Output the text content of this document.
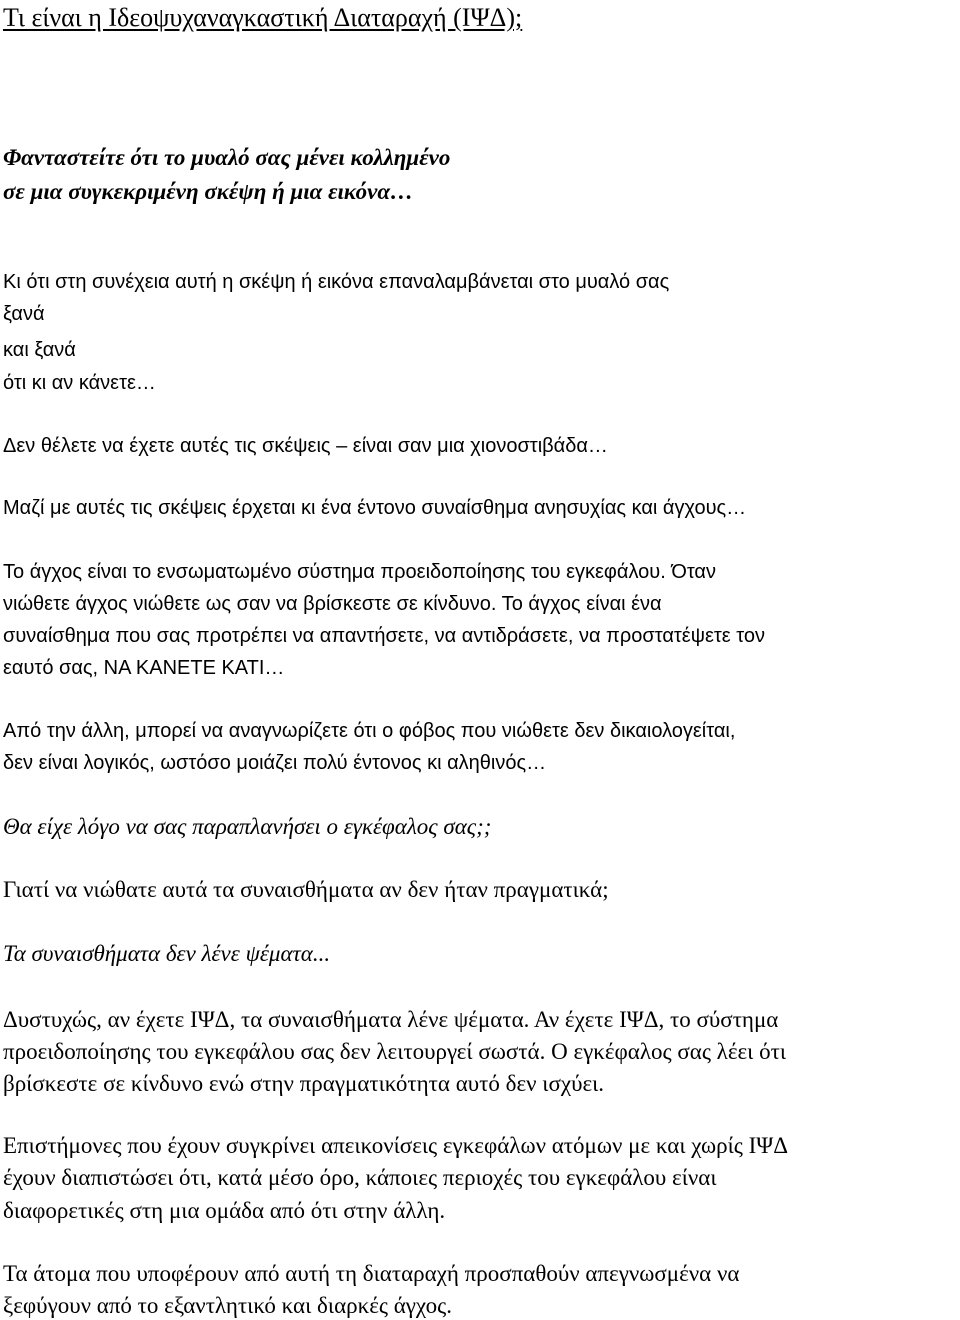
Τι είναι η Ιδεοψυχαναγκαστική Διαταραχή (ΙΨΔ);

Φανταστείτε ότι το μυαλό σας μένει κολλημένο

σε μια συγκεκριμένη σκέψη ή μια εικόνα…

Κι ότι στη συνέχεια αυτή η σκέψη ή εικόνα επαναλαμβάνεται στο μυαλό σας

ξανά

και ξανά

ότι κι αν κάνετε…

Δεν θέλετε να έχετε αυτές τις σκέψεις – είναι σαν μια χιονοστιβάδα…

Μαζί με αυτές τις σκέψεις έρχεται κι ένα έντονο συναίσθημα ανησυχίας και άγχους…

Το άγχος είναι το ενσωματωμένο σύστημα προειδοποίησης του εγκεφάλου. Όταν

νιώθετε άγχος νιώθετε ως σαν να βρίσκεστε σε κίνδυνο. Το άγχος είναι ένα

συναίσθημα που σας προτρέπει να απαντήσετε, να αντιδράσετε, να προστατέψετε τον

εαυτό σας, ΝΑ ΚΑΝΕΤΕ ΚΑΤΙ…

Από την άλλη, μπορεί να αναγνωρίζετε ότι ο φόβος που νιώθετε δεν δικαιολογείται,

δεν είναι λογικός, ωστόσο μοιάζει πολύ έντονος κι αληθινός…

Θα είχε λόγο να σας παραπλανήσει ο εγκέφαλος σας;;

Γιατί να νιώθατε αυτά τα συναισθήματα αν δεν ήταν πραγματικά;

Τα συναισθήματα δεν λένε ψέματα...

Δυστυχώς, αν έχετε ΙΨΔ, τα συναισθήματα λένε ψέματα. Αν έχετε ΙΨΔ, το σύστημα

προειδοποίησης του εγκεφάλου σας δεν λειτουργεί σωστά. Ο εγκέφαλος σας λέει ότι

βρίσκεστε σε κίνδυνο ενώ στην πραγματικότητα αυτό δεν ισχύει.

Επιστήμονες που έχουν συγκρίνει απεικονίσεις εγκεφάλων ατόμων με και χωρίς ΙΨΔ

έχουν διαπιστώσει ότι, κατά μέσο όρο, κάποιες περιοχές του εγκεφάλου είναι

διαφορετικές στη μια ομάδα από ότι στην άλλη.

Τα άτομα που υποφέρουν από αυτή τη διαταραχή προσπαθούν απεγνωσμένα να

ξεφύγουν από το εξαντλητικό και διαρκές άγχος.
